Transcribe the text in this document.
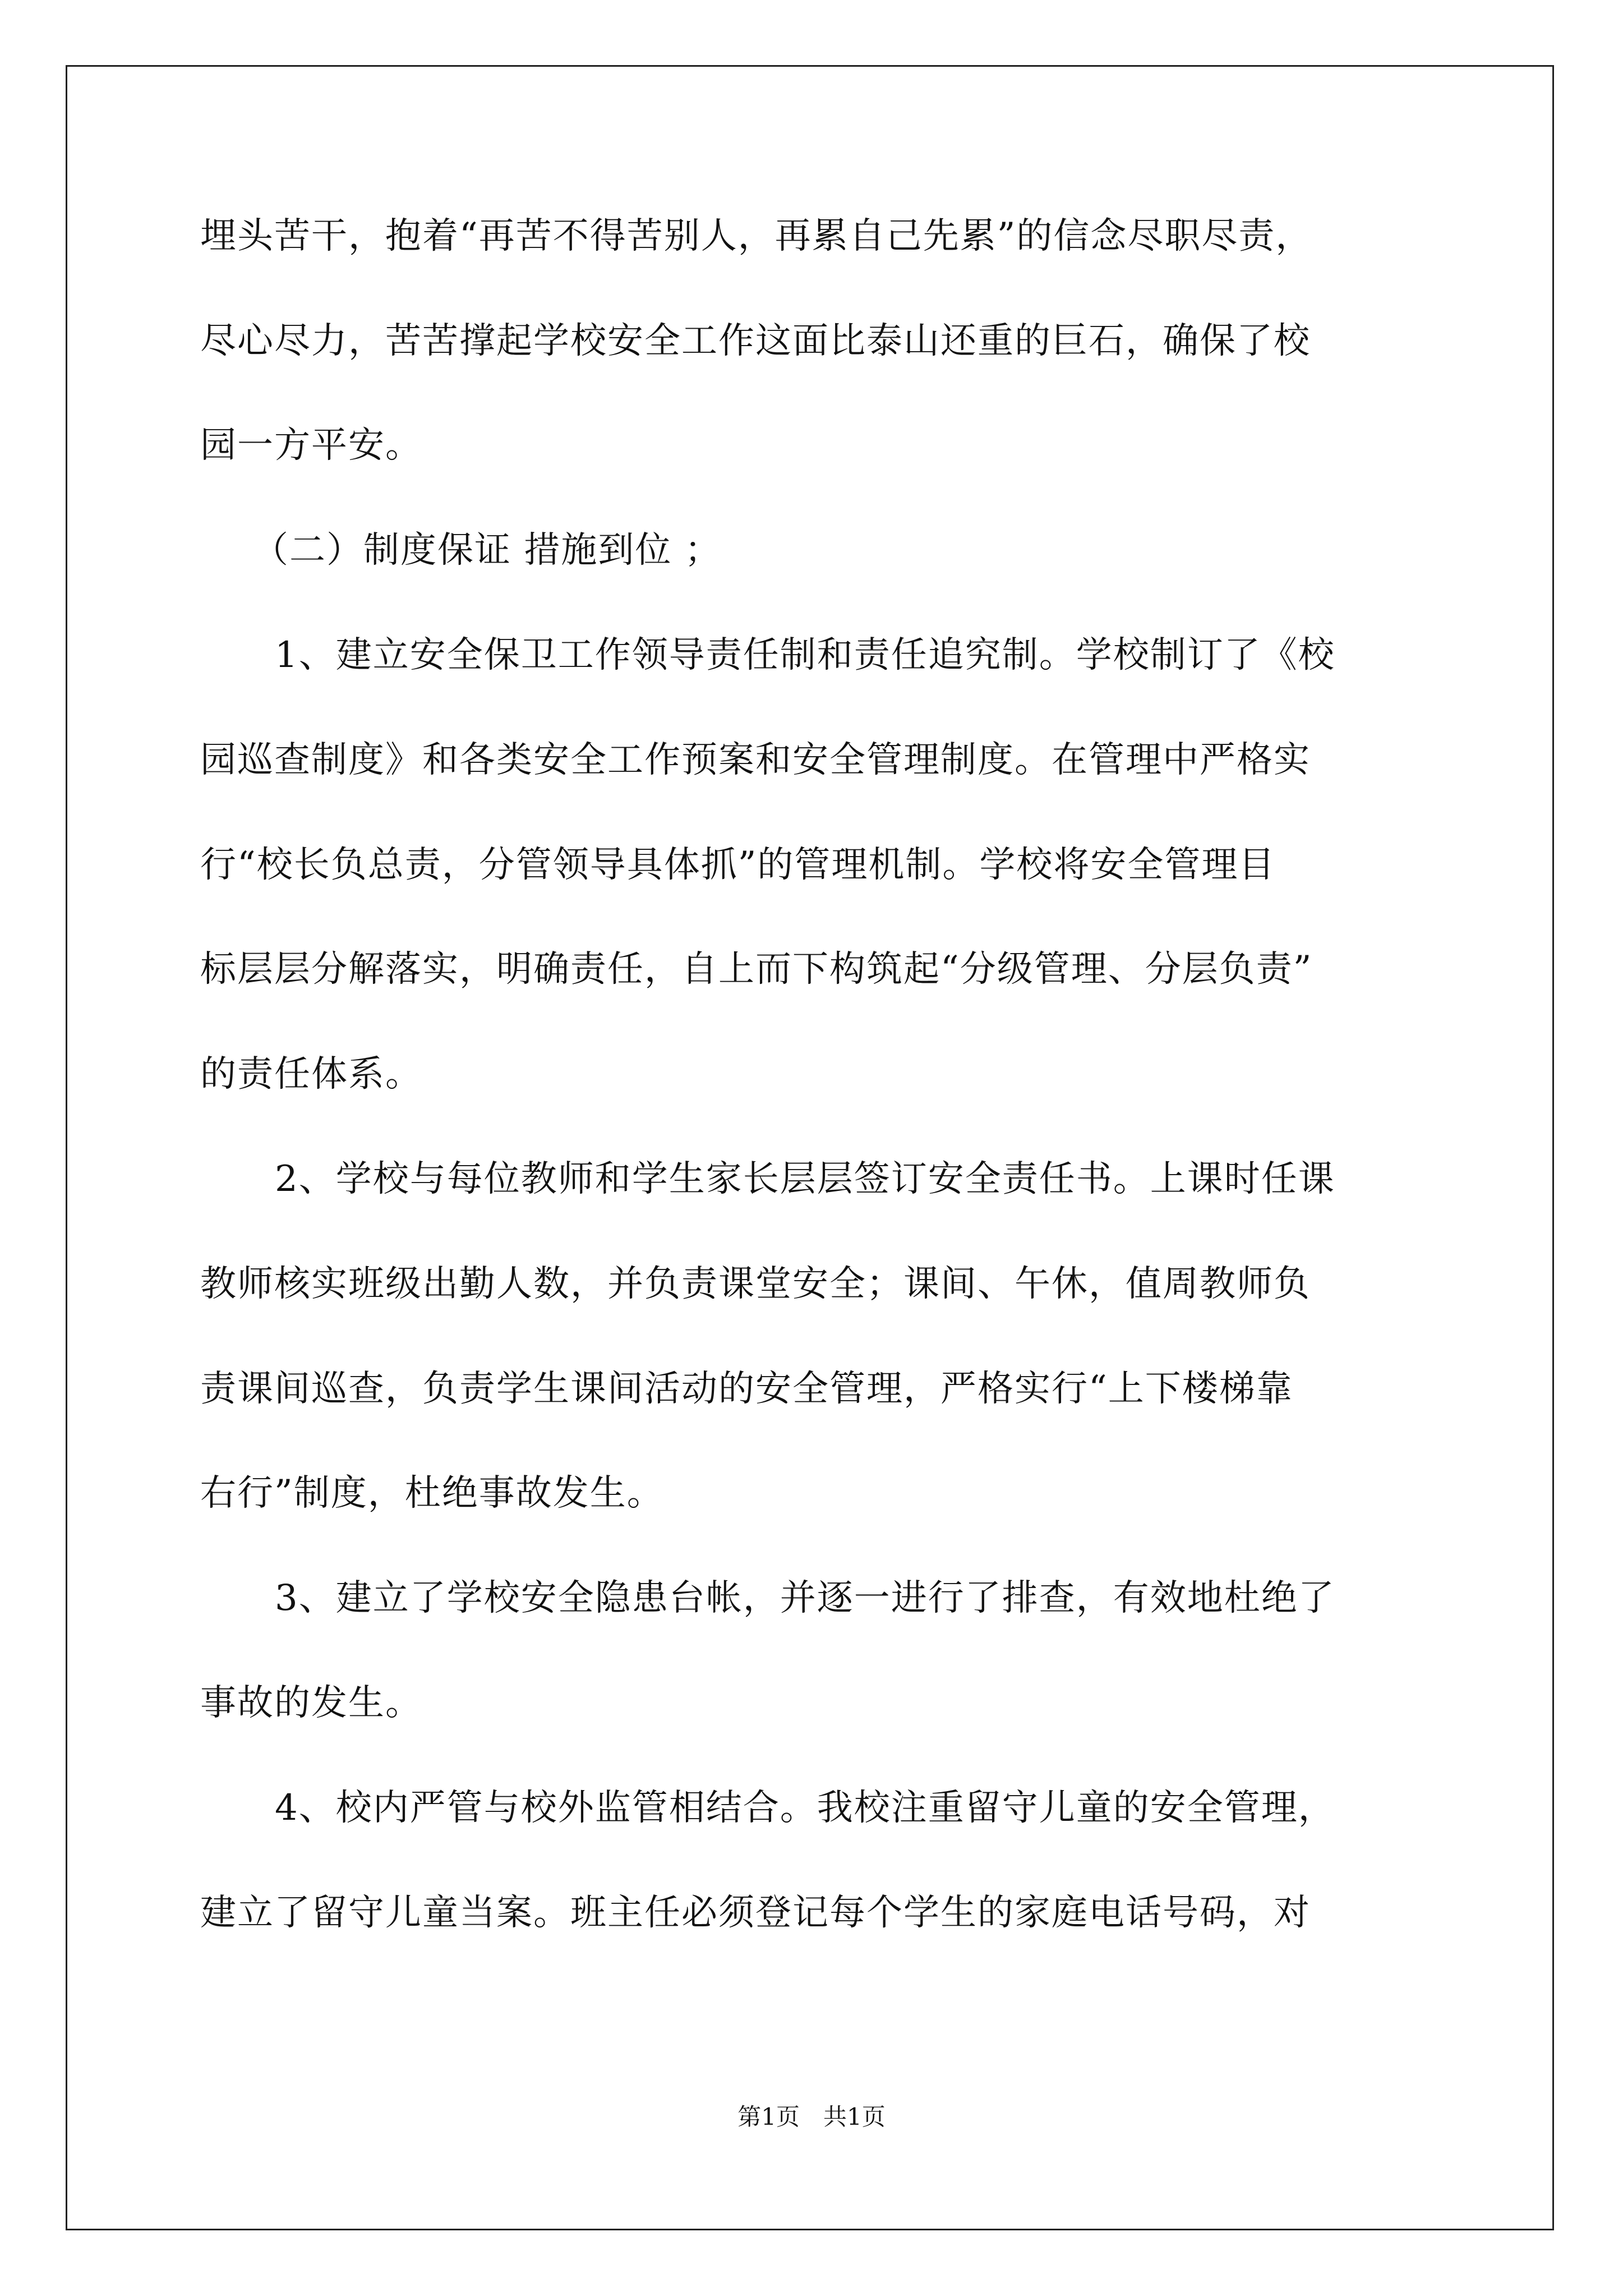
埋头苦干，抱着“再苦不得苦别人，再累自己先累”的信念尽职尽责，
尽心尽力，苦苦撑起学校安全工作这面比泰山还重的巨石，确保了校
园一方平安。
（二）制度保证 措施到位 ；
1、建立安全保卫工作领导责任制和责任追究制。学校制订了《校
园巡查制度》和各类安全工作预案和安全管理制度。在管理中严格实
行“校长负总责，分管领导具体抓”的管理机制。学校将安全管理目
标层层分解落实，明确责任，自上而下构筑起“分级管理、分层负责”
的责任体系。
2、学校与每位教师和学生家长层层签订安全责任书。上课时任课
教师核实班级出勤人数，并负责课堂安全；课间、午休，值周教师负
责课间巡查，负责学生课间活动的安全管理，严格实行“上下楼梯靠
右行”制度，杜绝事故发生。
3、建立了学校安全隐患台帐，并逐一进行了排查，有效地杜绝了
事故的发生。
4、校内严管与校外监管相结合。我校注重留守儿童的安全管理，
建立了留守儿童当案。班主任必须登记每个学生的家庭电话号码，对
第1页　共1页
